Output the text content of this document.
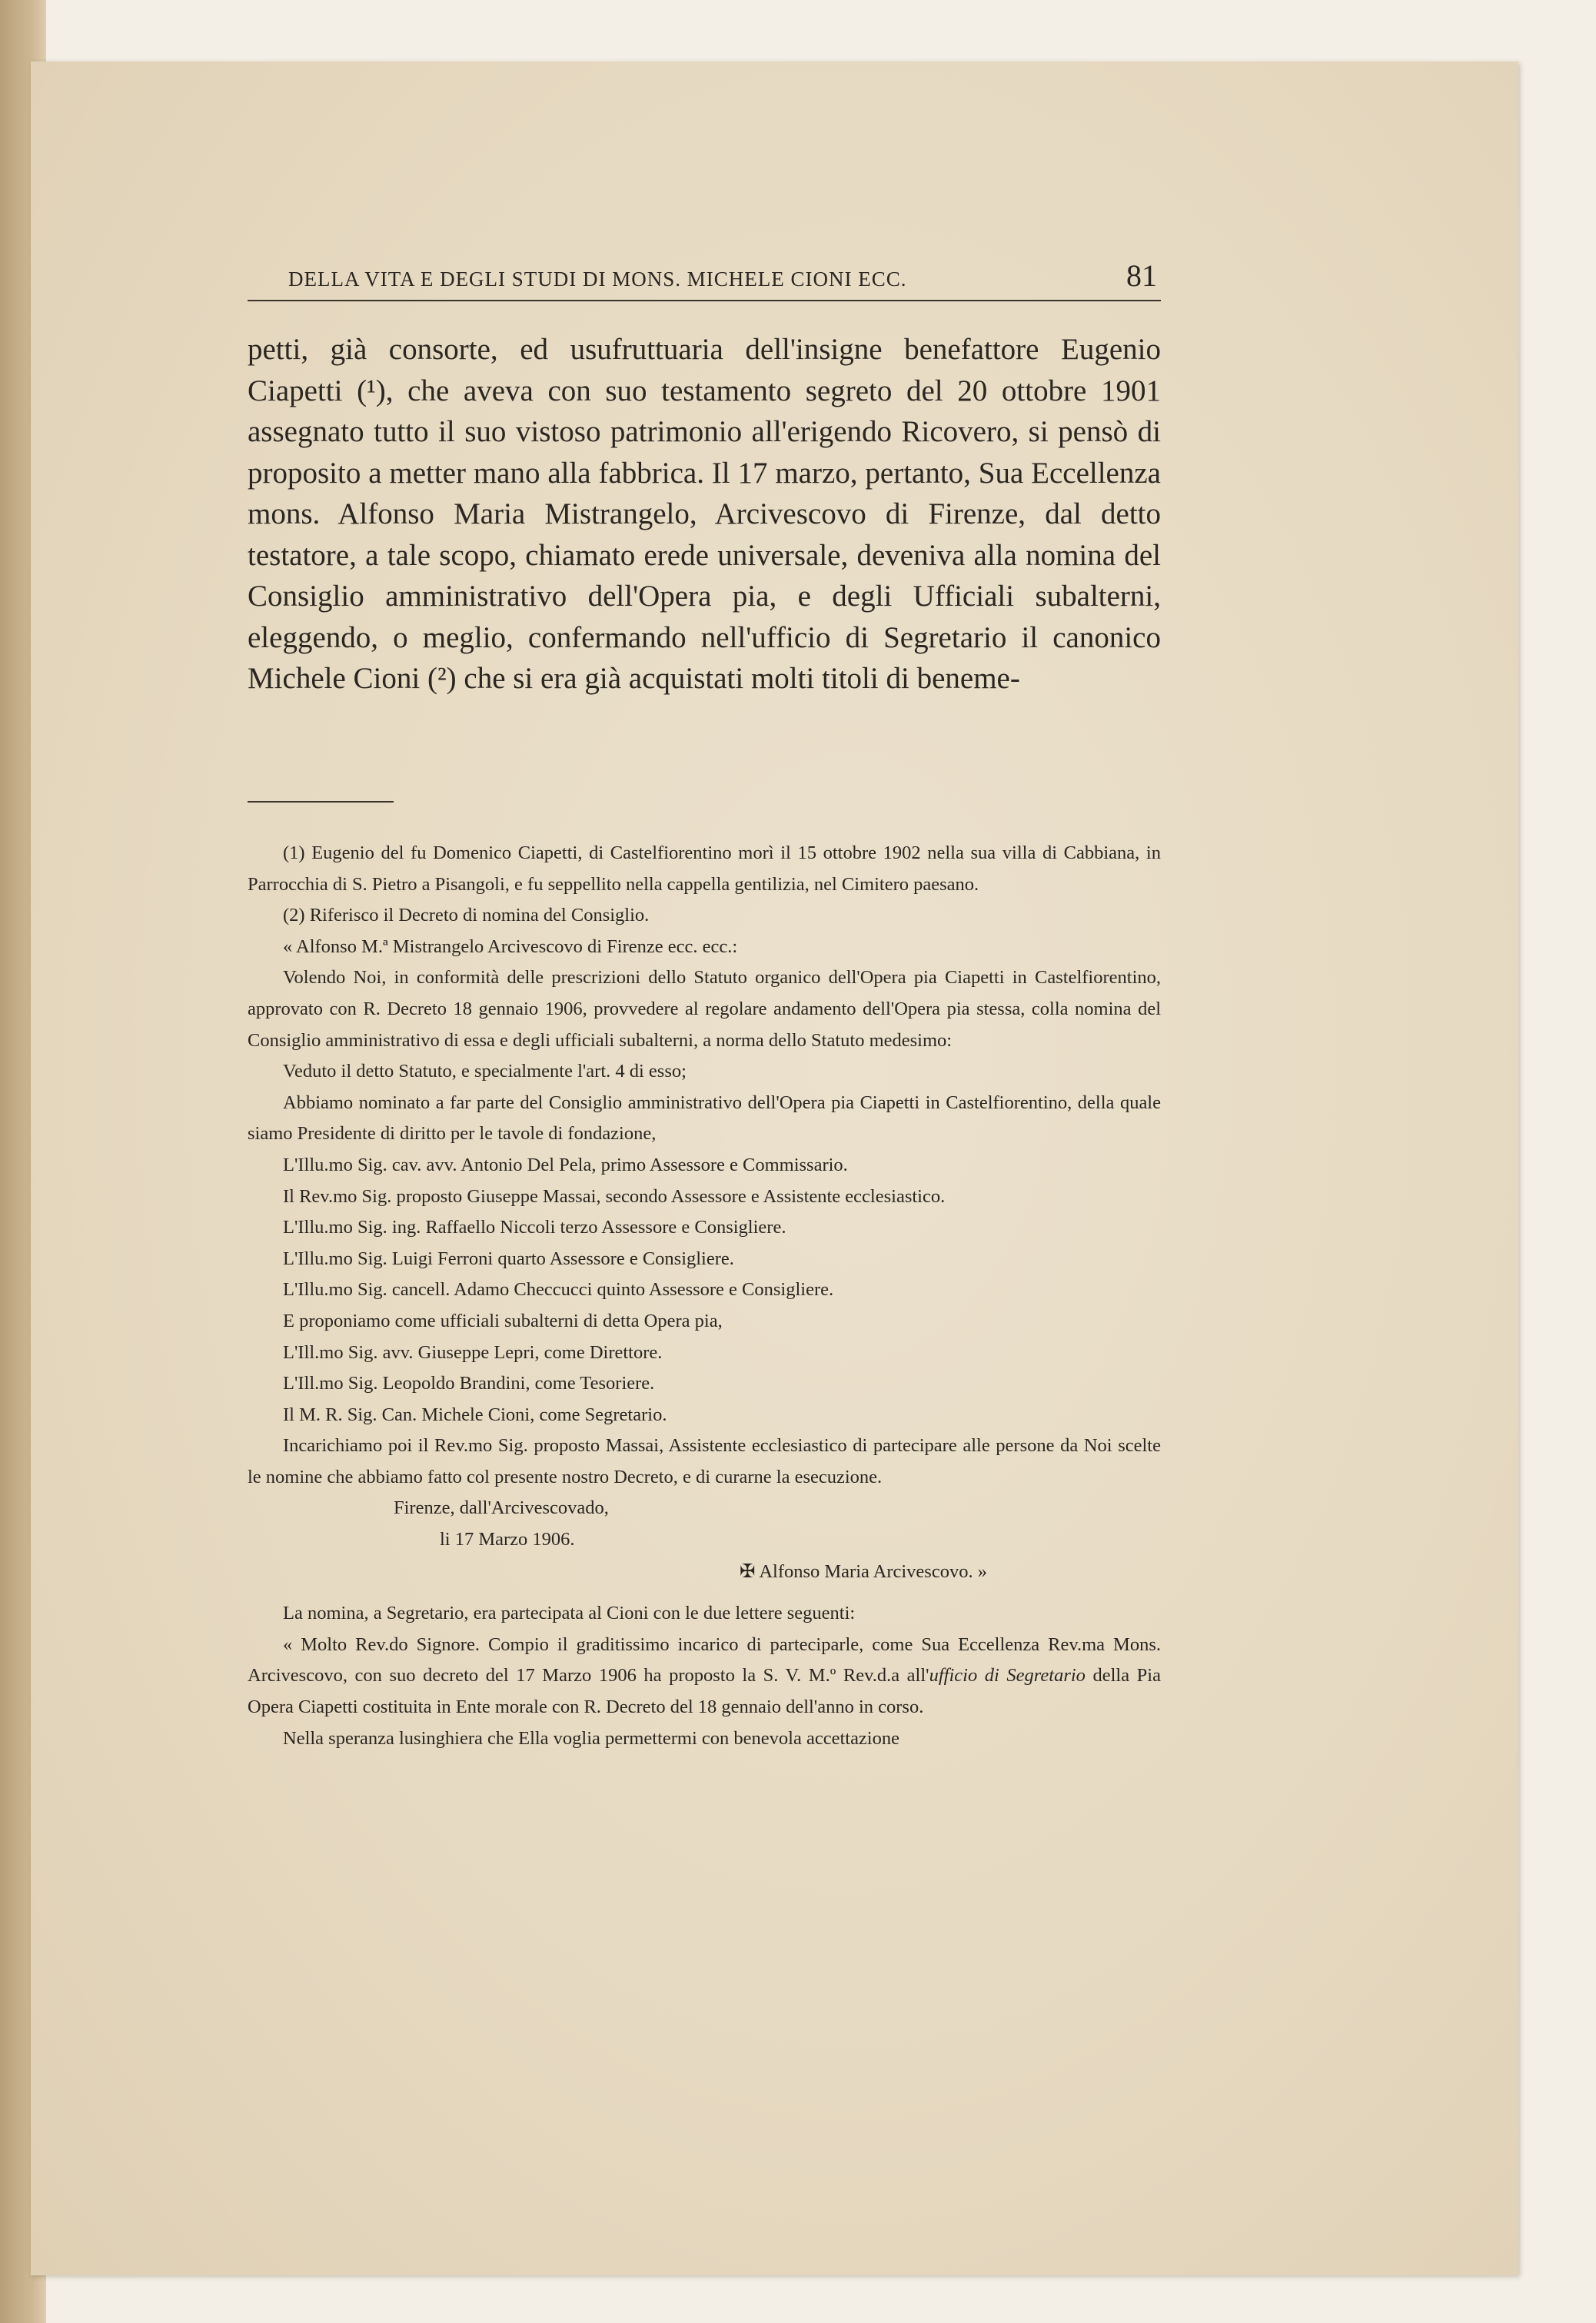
DELLA VITA E DEGLI STUDI DI MONS. MICHELE CIONI ECC.	81

petti, già consorte, ed usufruttuaria dell'insigne benefattore Eugenio Ciapetti (¹), che aveva con suo testamento segreto del 20 ottobre 1901 assegnato tutto il suo vistoso patrimonio all'erigendo Ricovero, si pensò di proposito a metter mano alla fabbrica. Il 17 marzo, pertanto, Sua Eccellenza mons. Alfonso Maria Mistrangelo, Arcivescovo di Firenze, dal detto testatore, a tale scopo, chiamato erede universale, deveniva alla nomina del Consiglio amministrativo dell'Opera pia, e degli Ufficiali subalterni, eleggendo, o meglio, confermando nell'ufficio di Segretario il canonico Michele Cioni (²) che si era già acquistati molti titoli di beneme-

(1) Eugenio del fu Domenico Ciapetti, di Castelfiorentino morì il 15 ottobre 1902 nella sua villa di Cabbiana, in Parrocchia di S. Pietro a Pisangoli, e fu seppellito nella cappella gentilizia, nel Cimitero paesano.

(2) Riferisco il Decreto di nomina del Consiglio.

« Alfonso M.ª Mistrangelo Arcivescovo di Firenze ecc. ecc.:

Volendo Noi, in conformità delle prescrizioni dello Statuto organico dell'Opera pia Ciapetti in Castelfiorentino, approvato con R. Decreto 18 gennaio 1906, provvedere al regolare andamento dell'Opera pia stessa, colla nomina del Consiglio amministrativo di essa e degli ufficiali subalterni, a norma dello Statuto medesimo:

Veduto il detto Statuto, e specialmente l'art. 4 di esso;

Abbiamo nominato a far parte del Consiglio amministrativo dell'Opera pia Ciapetti in Castelfiorentino, della quale siamo Presidente di diritto per le tavole di fondazione,

L'Illu.mo Sig. cav. avv. Antonio Del Pela, primo Assessore e Commissario.

Il Rev.mo Sig. proposto Giuseppe Massai, secondo Assessore e Assistente ecclesiastico.

L'Illu.mo Sig. ing. Raffaello Niccoli terzo Assessore e Consigliere.

L'Illu.mo Sig. Luigi Ferroni quarto Assessore e Consigliere.

L'Illu.mo Sig. cancell. Adamo Checcucci quinto Assessore e Consigliere.

E proponiamo come ufficiali subalterni di detta Opera pia,

L'Ill.mo Sig. avv. Giuseppe Lepri, come Direttore.

L'Ill.mo Sig. Leopoldo Brandini, come Tesoriere.

Il M. R. Sig. Can. Michele Cioni, come Segretario.

Incarichiamo poi il Rev.mo Sig. proposto Massai, Assistente ecclesiastico di partecipare alle persone da Noi scelte le nomine che abbiamo fatto col presente nostro Decreto, e di curarne la esecuzione.

Firenze, dall'Arcivescovado,

li 17 Marzo 1906.

✠ Alfonso Maria Arcivescovo. »

La nomina, a Segretario, era partecipata al Cioni con le due lettere seguenti:

« Molto Rev.do Signore. Compio il graditissimo incarico di parteciparle, come Sua Eccellenza Rev.ma Mons. Arcivescovo, con suo decreto del 17 Marzo 1906 ha proposto la S. V. M.º Rev.d.a all'ufficio di Segretario della Pia Opera Ciapetti costituita in Ente morale con R. Decreto del 18 gennaio dell'anno in corso.

Nella speranza lusinghiera che Ella voglia permettermi con benevola accettazione
